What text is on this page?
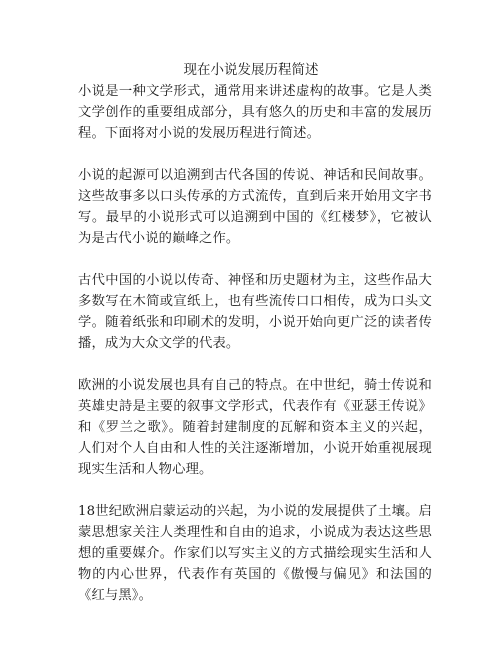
现在小说发展历程简述

小说是一种文学形式，通常用来讲述虚构的故事。它是人类文学创作的重要组成部分，具有悠久的历史和丰富的发展历程。下面将对小说的发展历程进行简述。

小说的起源可以追溯到古代各国的传说、神话和民间故事。这些故事多以口头传承的方式流传，直到后来开始用文字书写。最早的小说形式可以追溯到中国的《红楼梦》，它被认为是古代小说的巅峰之作。

古代中国的小说以传奇、神怪和历史题材为主，这些作品大多数写在木简或宣纸上，也有些流传口口相传，成为口头文学。随着纸张和印刷术的发明，小说开始向更广泛的读者传播，成为大众文学的代表。

欧洲的小说发展也具有自己的特点。在中世纪，骑士传说和英雄史詩是主要的叙事文学形式，代表作有《亚瑟王传说》和《罗兰之歌》。随着封建制度的瓦解和资本主义的兴起，人们对个人自由和人性的关注逐渐增加，小说开始重视展现现实生活和人物心理。

18世纪欧洲启蒙运动的兴起，为小说的发展提供了土壤。启蒙思想家关注人类理性和自由的追求，小说成为表达这些思想的重要媒介。作家们以写实主义的方式描绘现实生活和人物的内心世界，代表作有英国的《傲慢与偏见》和法国的《红与黑》。
